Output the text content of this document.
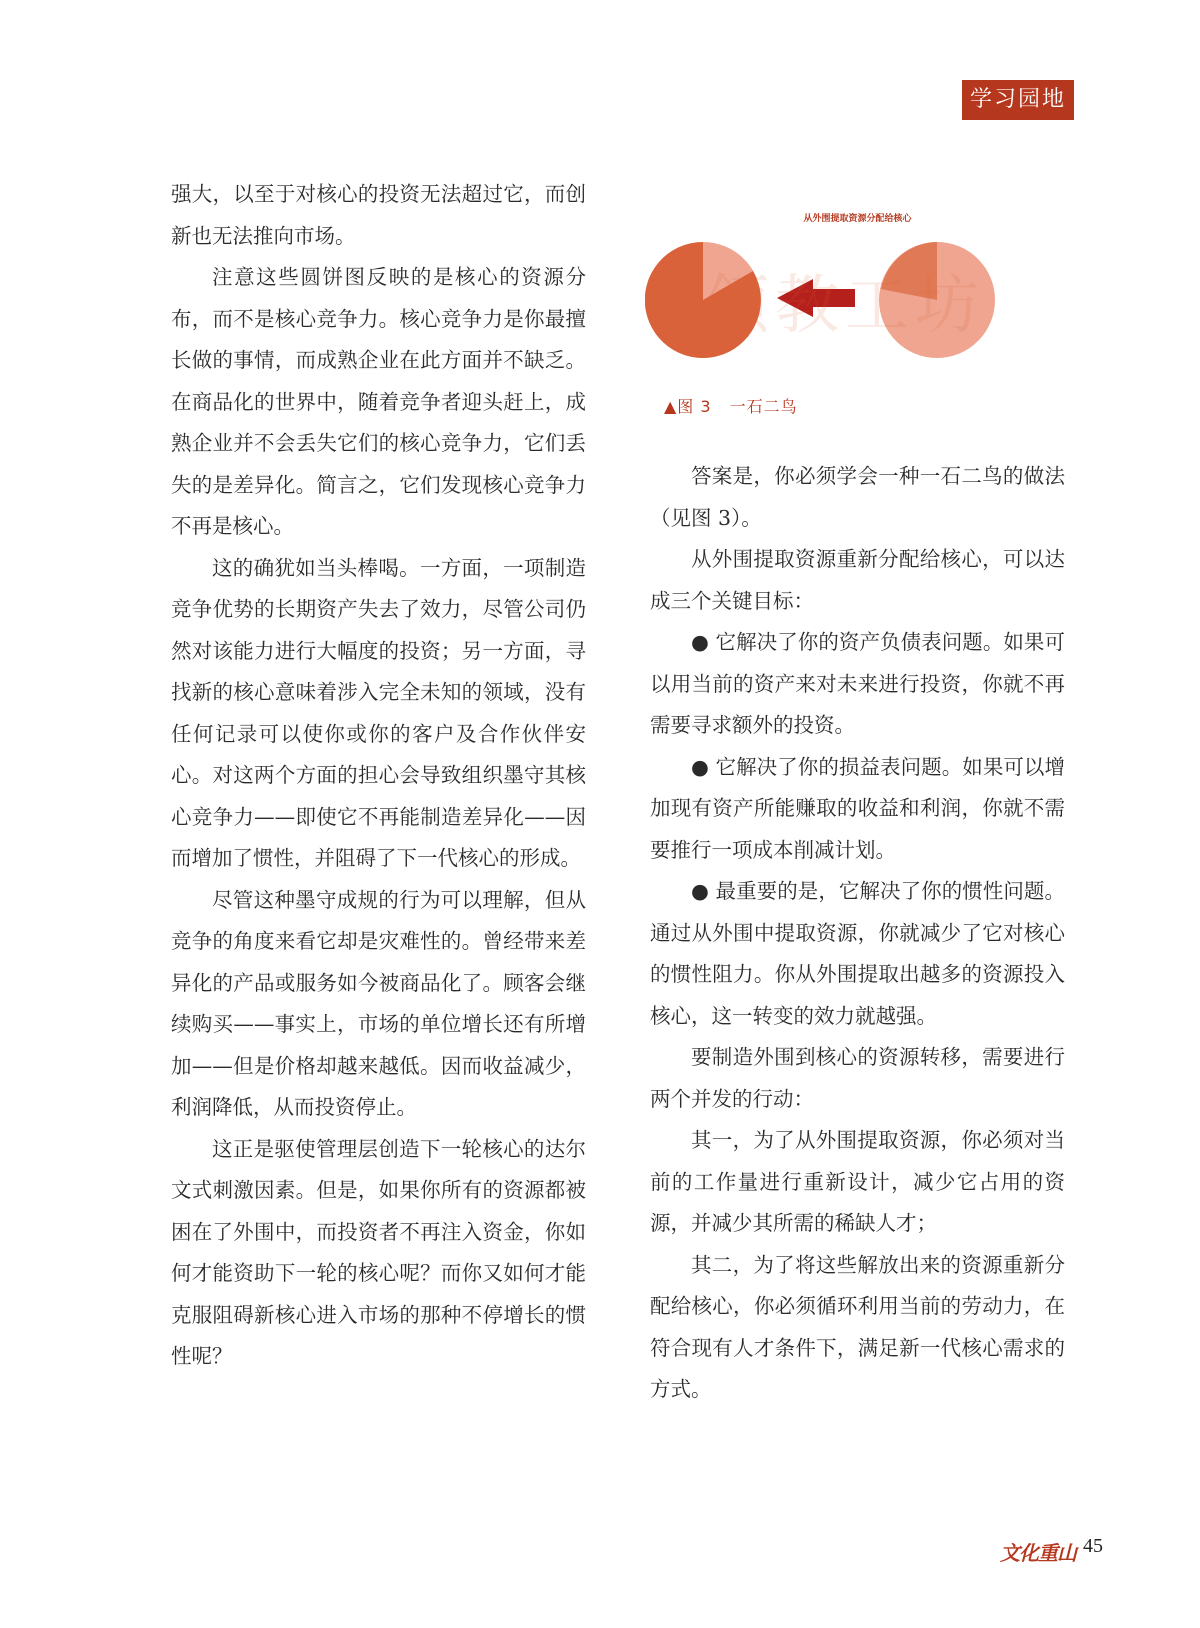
学习园地

强大，以至于对核心的投资无法超过它，而创新也无法推向市场。

注意这些圆饼图反映的是核心的资源分布，而不是核心竞争力。核心竞争力是你最擅长做的事情，而成熟企业在此方面并不缺乏。在商品化的世界中，随着竞争者迎头赶上，成熟企业并不会丢失它们的核心竞争力，它们丢失的是差异化。简言之，它们发现核心竞争力不再是核心。

这的确犹如当头棒喝。一方面，一项制造竞争优势的长期资产失去了效力，尽管公司仍然对该能力进行大幅度的投资；另一方面，寻找新的核心意味着涉入完全未知的领域，没有任何记录可以使你或你的客户及合作伙伴安心。对这两个方面的担心会导致组织墨守其核心竞争力——即使它不再能制造差异化——因而增加了惯性，并阻碍了下一代核心的形成。

尽管这种墨守成规的行为可以理解，但从竞争的角度来看它却是灾难性的。曾经带来差异化的产品或服务如今被商品化了。顾客会继续购买——事实上，市场的单位增长还有所增加——但是价格却越来越低。因而收益减少，利润降低，从而投资停止。

这正是驱使管理层创造下一轮核心的达尔文式刺激因素。但是，如果你所有的资源都被困在了外围中，而投资者不再注入资金，你如何才能资助下一轮的核心呢？而你又如何才能克服阻碍新核心进入市场的那种不停增长的惯性呢？

领教工坊
从外围提取资源分配给核心
▲图 3 一石二鸟

答案是，你必须学会一种一石二鸟的做法（见图 3）。

从外围提取资源重新分配给核心，可以达成三个关键目标：

● 它解决了你的资产负债表问题。如果可以用当前的资产来对未来进行投资，你就不再需要寻求额外的投资。

● 它解决了你的损益表问题。如果可以增加现有资产所能赚取的收益和利润，你就不需要推行一项成本削减计划。

● 最重要的是，它解决了你的惯性问题。通过从外围中提取资源，你就减少了它对核心的惯性阻力。你从外围提取出越多的资源投入核心，这一转变的效力就越强。

要制造外围到核心的资源转移，需要进行两个并发的行动：

其一，为了从外围提取资源，你必须对当前的工作量进行重新设计，减少它占用的资源，并减少其所需的稀缺人才；

其二，为了将这些解放出来的资源重新分配给核心，你必须循环利用当前的劳动力，在符合现有人才条件下，满足新一代核心需求的方式。

文化重山 45
